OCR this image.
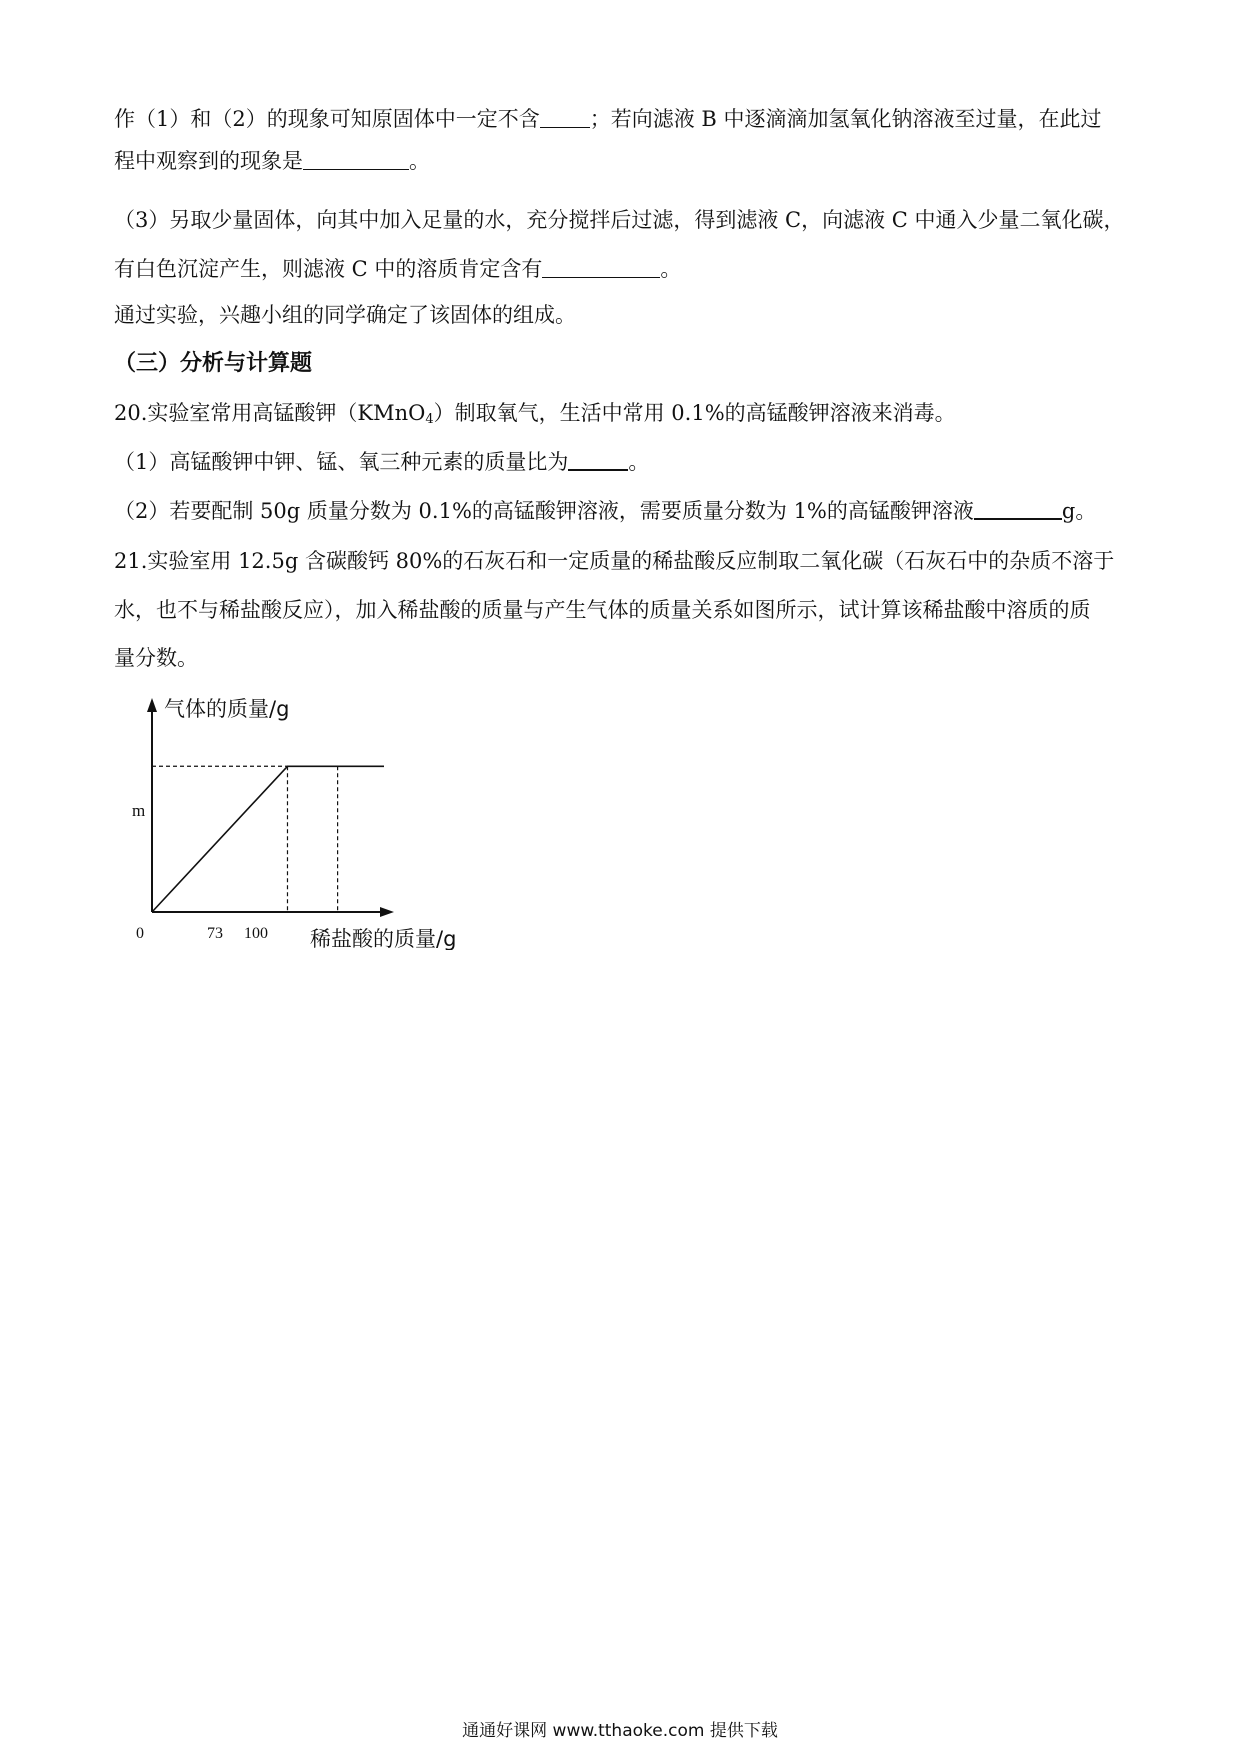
作（1）和（2）的现象可知原固体中一定不含 ；若向滤液 B 中逐滴滴加氢氧化钠溶液至过量，在此过
程中观察到的现象是	。
（3）另取少量固体，向其中加入足量的水，充分搅拌后过滤，得到滤液 C，向滤液 C 中通入少量二氧化碳，
有白色沉淀产生，则滤液 C 中的溶质肯定含有	。
通过实验，兴趣小组的同学确定了该固体的组成。
（三）分析与计算题
20.实验室常用高锰酸钾（KMnO$_4$）制取氧气，生活中常用 0.1%的高锰酸钾溶液来消毒。
（1）高锰酸钾中钾、锰、氧三种元素的质量比为	。
（2）若要配制 50g 质量分数为 0.1%的高锰酸钾溶液，需要质量分数为 1%的高锰酸钾溶液	g。
21.实验室用 12.5g 含碳酸钙 80%的石灰石和一定质量的稀盐酸反应制取二氧化碳（石灰石中的杂质不溶于
水，也不与稀盐酸反应），加入稀盐酸的质量与产生气体的质量关系如图所示，试计算该稀盐酸中溶质的质
量分数。
气体的质量/g
m
0	73 100 稀盐酸的质量/g
通通好课网 www.tthaoke.com 提供下载
